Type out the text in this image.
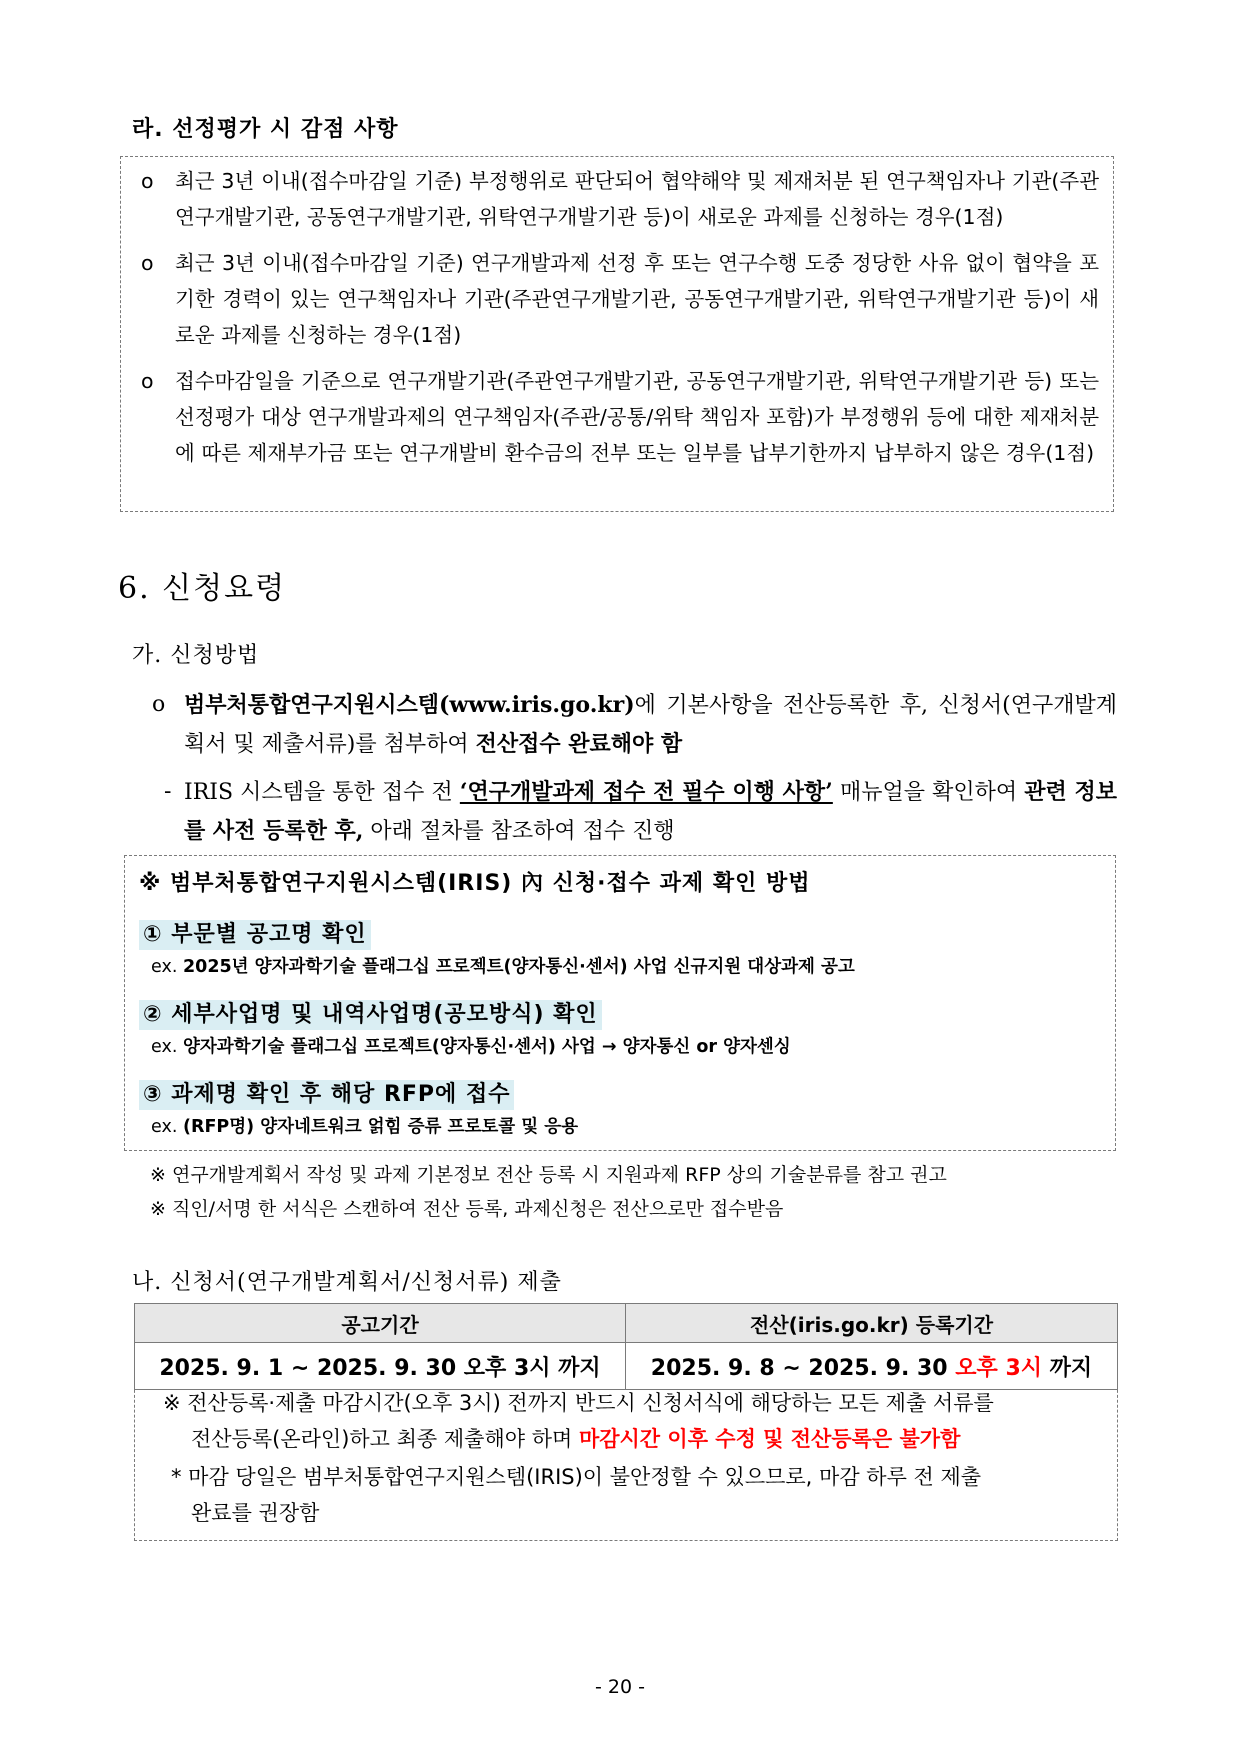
라. 선정평가 시 감점 사항
o 최근 3년 이내(접수마감일 기준) 부정행위로 판단되어 협약해약 및 제재처분 된 연구책임자나 기관(주관연구개발기관, 공동연구개발기관, 위탁연구개발기관 등)이 새로운 과제를 신청하는 경우(1점)
o 최근 3년 이내(접수마감일 기준) 연구개발과제 선정 후 또는 연구수행 도중 정당한 사유 없이 협약을 포기한 경력이 있는 연구책임자나 기관(주관연구개발기관, 공동연구개발기관, 위탁연구개발기관 등)이 새로운 과제를 신청하는 경우(1점)
o 접수마감일을 기준으로 연구개발기관(주관연구개발기관, 공동연구개발기관, 위탁연구개발기관 등) 또는 선정평가 대상 연구개발과제의 연구책임자(주관/공통/위탁 책임자 포함)가 부정행위 등에 대한 제재처분에 따른 제재부가금 또는 연구개발비 환수금의 전부 또는 일부를 납부기한까지 납부하지 않은 경우(1점)
6. 신청요령
가. 신청방법
o 범부처통합연구지원시스템(www.iris.go.kr)에 기본사항을 전산등록한 후, 신청서(연구개발계획서 및 제출서류)를 첨부하여 전산접수 완료해야 함
- IRIS 시스템을 통한 접수 전 ‘연구개발과제 접수 전 필수 이행 사항’ 매뉴얼을 확인하여 관련 정보를 사전 등록한 후, 아래 절차를 참조하여 접수 진행
※ 범부처통합연구지원시스템(IRIS) 內 신청·접수 과제 확인 방법
① 부문별 공고명 확인
ex. 2025년 양자과학기술 플래그십 프로젝트(양자통신·센서) 사업 신규지원 대상과제 공고
② 세부사업명 및 내역사업명(공모방식) 확인
ex. 양자과학기술 플래그십 프로젝트(양자통신·센서) 사업 → 양자통신 or 양자센싱
③ 과제명 확인 후 해당 RFP에 접수
ex. (RFP명) 양자네트워크 얽힘 증류 프로토콜 및 응용
※ 연구개발계획서 작성 및 과제 기본정보 전산 등록 시 지원과제 RFP 상의 기술분류를 참고 권고
※ 직인/서명 한 서식은 스캔하여 전산 등록, 과제신청은 전산으로만 접수받음
나. 신청서(연구개발계획서/신청서류) 제출
공고기간	전산(iris.go.kr) 등록기간
2025. 9. 1 ~ 2025. 9. 30 오후 3시 까지	2025. 9. 8 ~ 2025. 9. 30 오후 3시 까지
※ 전산등록·제출 마감시간(오후 3시) 전까지 반드시 신청서식에 해당하는 모든 제출 서류를
전산등록(온라인)하고 최종 제출해야 하며 마감시간 이후 수정 및 전산등록은 불가함
* 마감 당일은 범부처통합연구지원스템(IRIS)이 불안정할 수 있으므로, 마감 하루 전 제출
완료를 권장함
- 20 -
